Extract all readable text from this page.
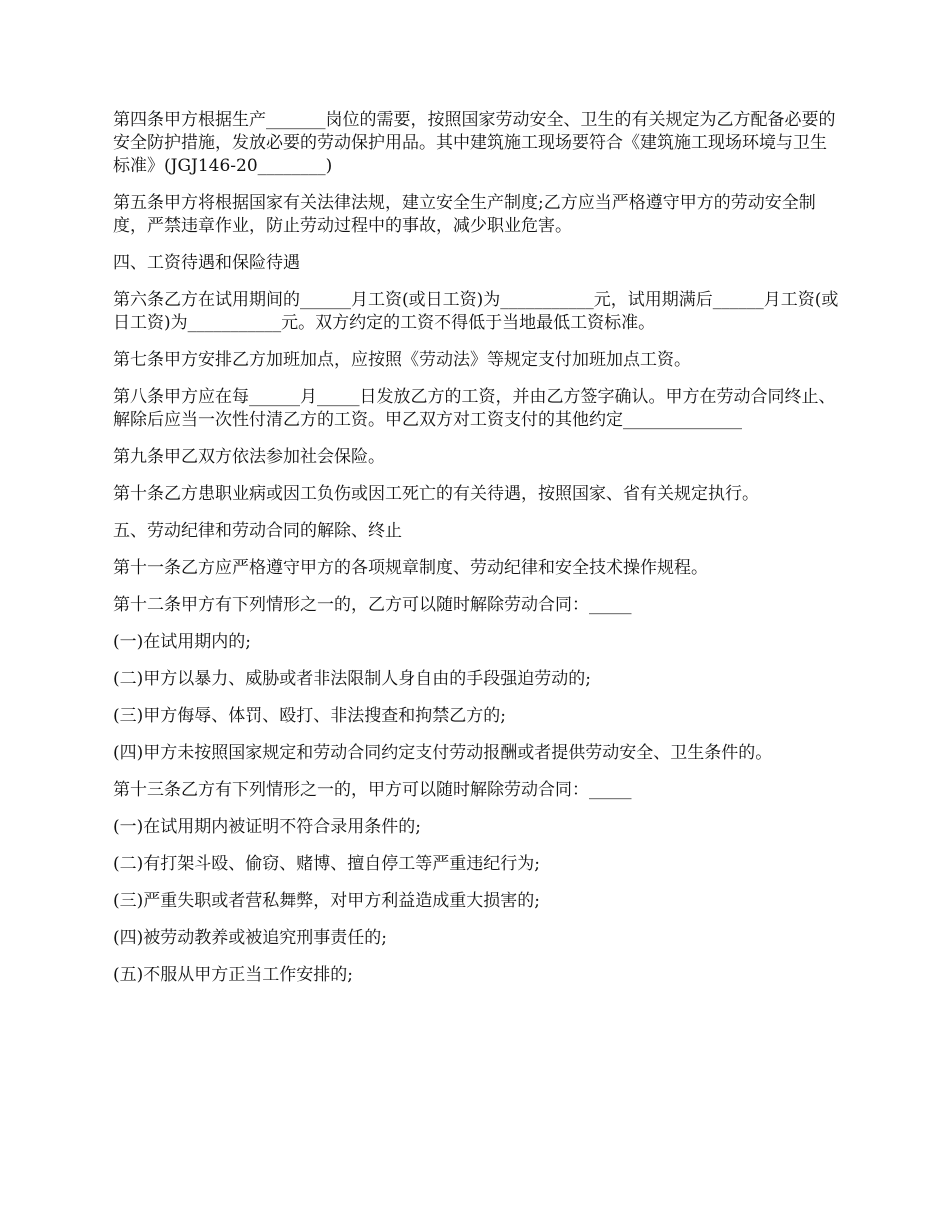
第四条甲方根据生产_______岗位的需要，按照国家劳动安全、卫生的有关规定为乙方配备必要的安全防护措施，发放必要的劳动保护用品。其中建筑施工现场要符合《建筑施工现场环境与卫生标准》(JGJ146-20________)

第五条甲方将根据国家有关法律法规，建立安全生产制度;乙方应当严格遵守甲方的劳动安全制度，严禁违章作业，防止劳动过程中的事故，减少职业危害。

四、工资待遇和保险待遇

第六条乙方在试用期间的______月工资(或日工资)为___________元，试用期满后______月工资(或日工资)为___________元。双方约定的工资不得低于当地最低工资标准。

第七条甲方安排乙方加班加点，应按照《劳动法》等规定支付加班加点工资。

第八条甲方应在每______月_____日发放乙方的工资，并由乙方签字确认。甲方在劳动合同终止、解除后应当一次性付清乙方的工资。甲乙双方对工资支付的其他约定______________

第九条甲乙双方依法参加社会保险。

第十条乙方患职业病或因工负伤或因工死亡的有关待遇，按照国家、省有关规定执行。

五、劳动纪律和劳动合同的解除、终止

第十一条乙方应严格遵守甲方的各项规章制度、劳动纪律和安全技术操作规程。

第十二条甲方有下列情形之一的，乙方可以随时解除劳动合同：_____

(一)在试用期内的;

(二)甲方以暴力、威胁或者非法限制人身自由的手段强迫劳动的;

(三)甲方侮辱、体罚、殴打、非法搜查和拘禁乙方的;

(四)甲方未按照国家规定和劳动合同约定支付劳动报酬或者提供劳动安全、卫生条件的。

第十三条乙方有下列情形之一的，甲方可以随时解除劳动合同：_____

(一)在试用期内被证明不符合录用条件的;

(二)有打架斗殴、偷窃、赌博、擅自停工等严重违纪行为;

(三)严重失职或者营私舞弊，对甲方利益造成重大损害的;

(四)被劳动教养或被追究刑事责任的;

(五)不服从甲方正当工作安排的;
